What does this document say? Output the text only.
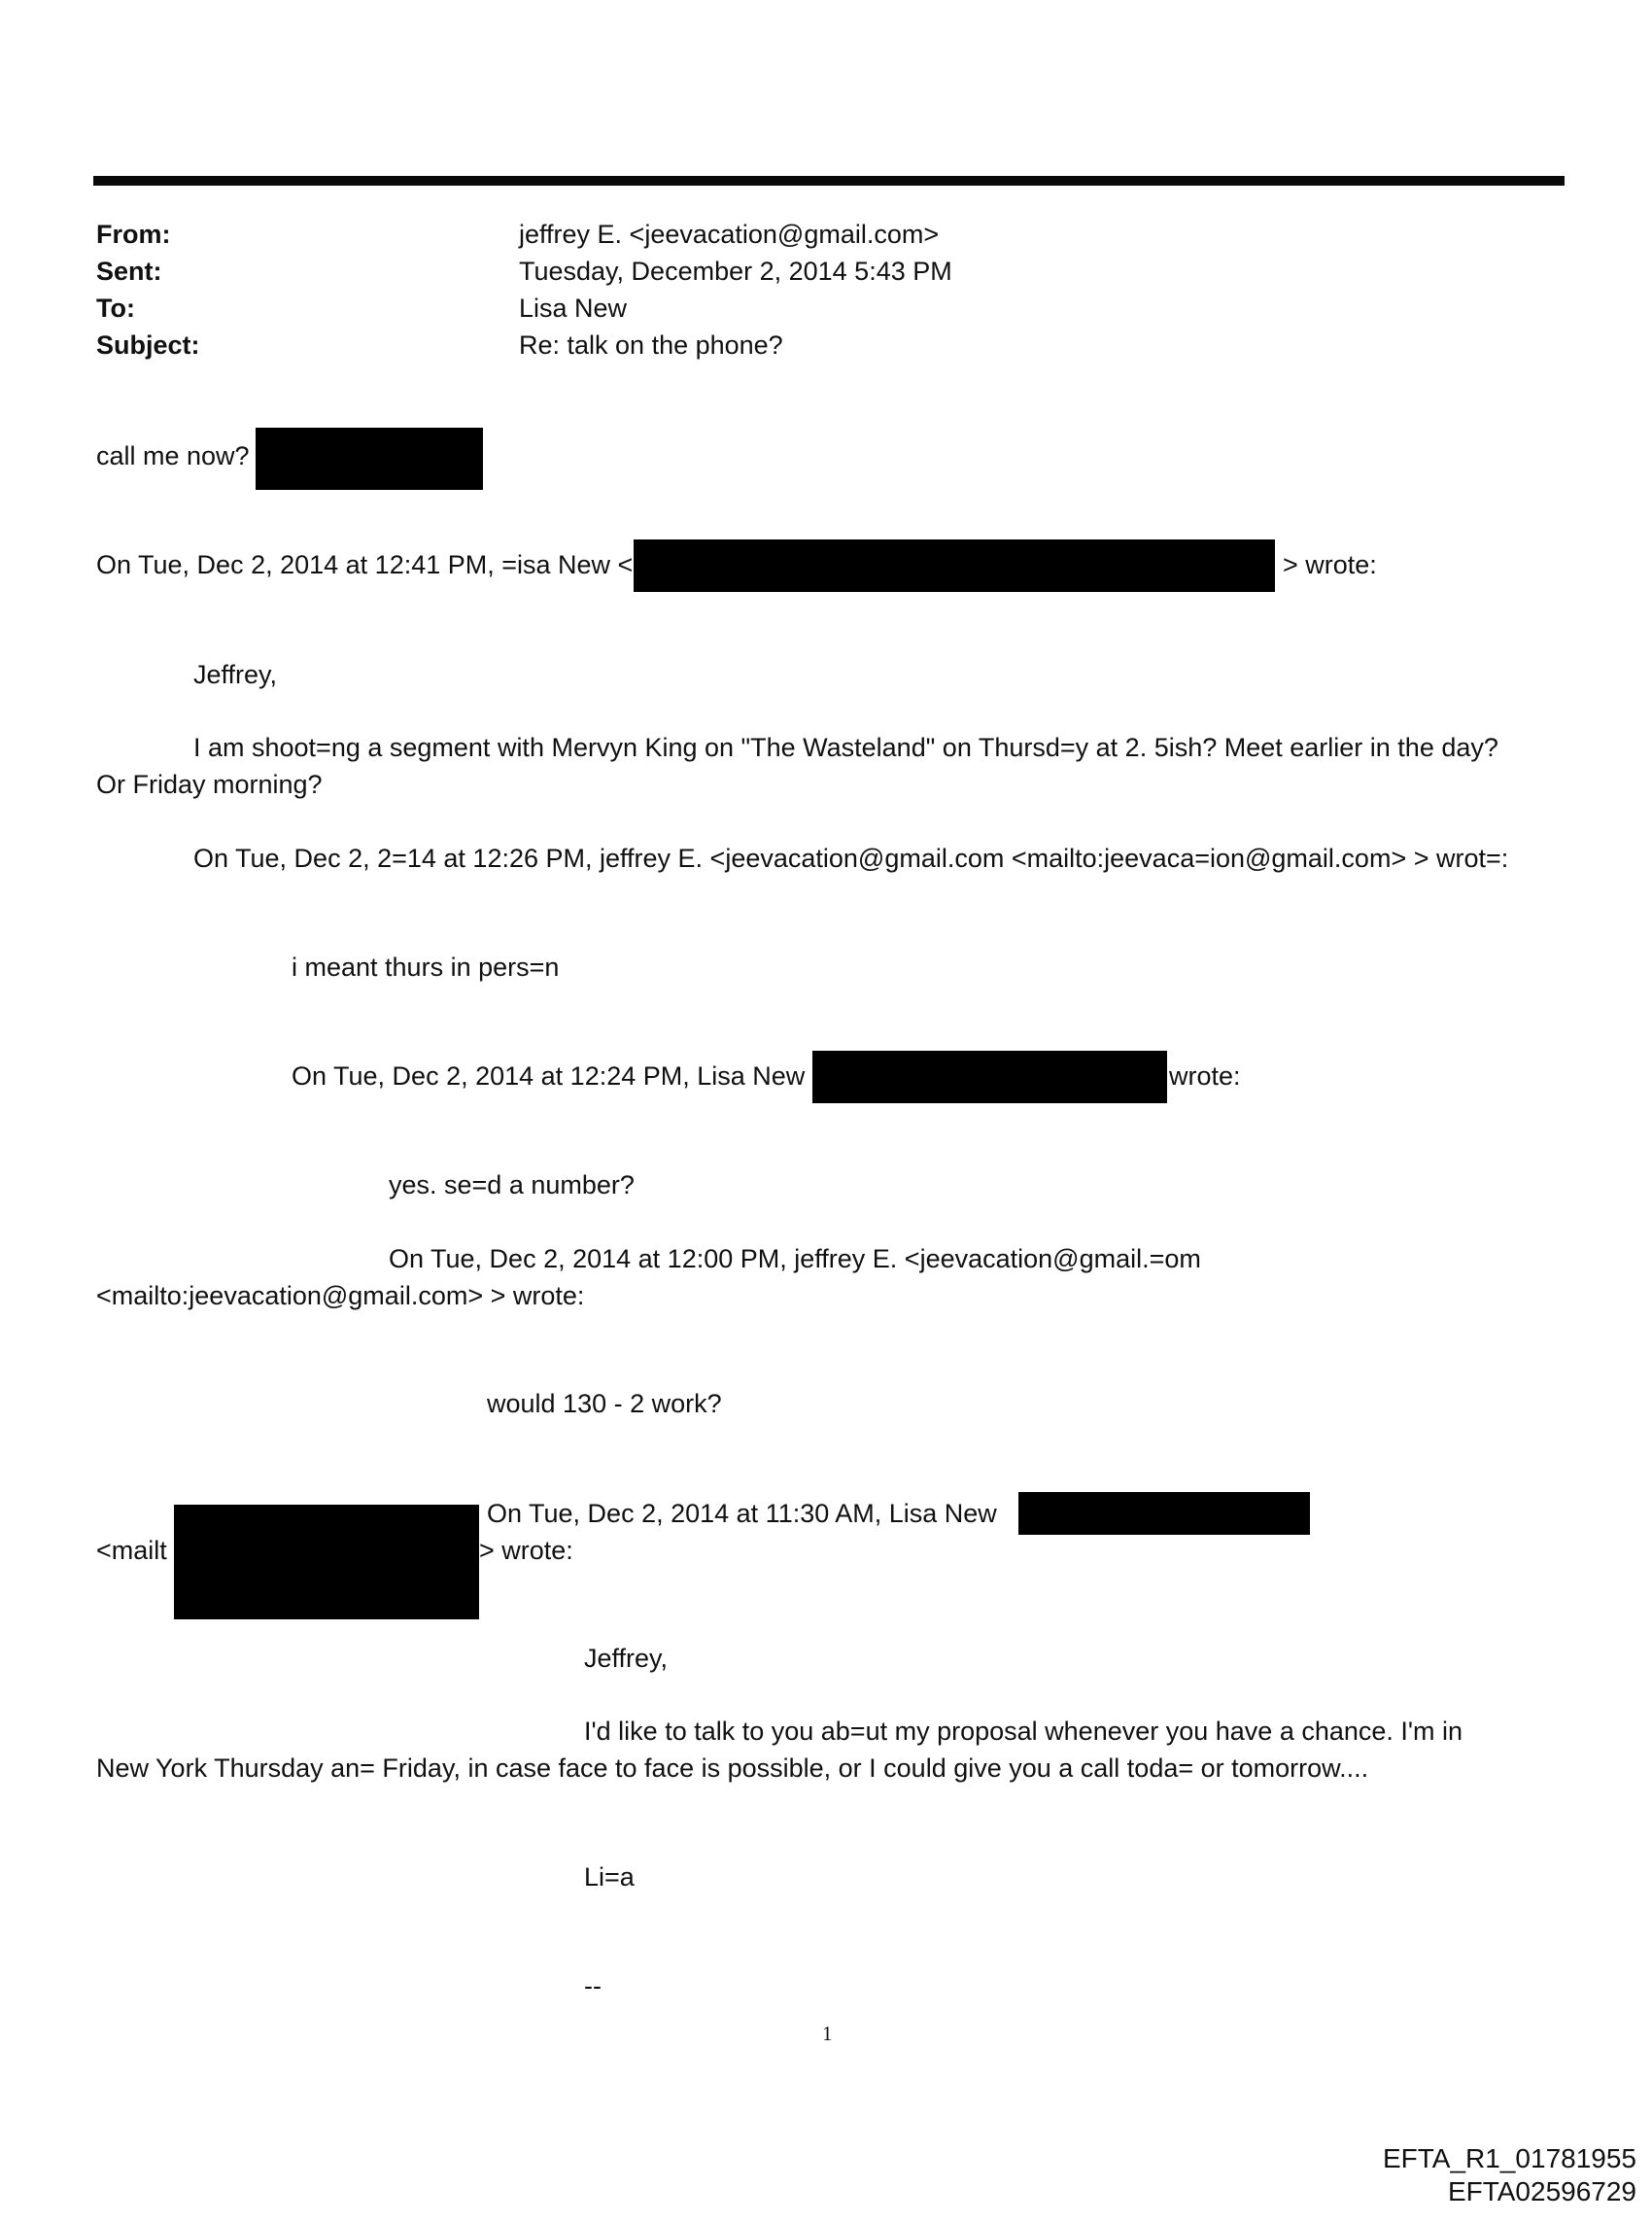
From:	jeffrey E. <jeevacation@gmail.com>
Sent:	Tuesday, December 2, 2014 5:43 PM
To:	Lisa New
Subject:	Re: talk on the phone?
call me now?
On Tue, Dec 2, 2014 at 12:41 PM, =isa New <	> wrote:
Jeffrey,
I am shoot=ng a segment with Mervyn King on "The Wasteland" on Thursd=y at 2. 5ish? Meet earlier in the day?
Or Friday morning?
On Tue, Dec 2, 2=14 at 12:26 PM, jeffrey E. <jeevacation@gmail.com <mailto:jeevaca=ion@gmail.com> > wrot=:
i meant thurs in pers=n
On Tue, Dec 2, 2014 at 12:24 PM, Lisa New	wrote:
yes. se=d a number?
On Tue, Dec 2, 2014 at 12:00 PM, jeffrey E. <jeevacation@gmail.=om
<mailto:jeevacation@gmail.com> > wrote:
would 130 - 2 work?
On Tue, Dec 2, 2014 at 11:30 AM, Lisa New
<mailt	> wrote:
Jeffrey,
I'd like to talk to you ab=ut my proposal whenever you have a chance. I'm in
New York Thursday an= Friday, in case face to face is possible, or I could give you a call toda= or tomorrow....
Li=a
--
1
EFTA_R1_01781955
EFTA02596729
